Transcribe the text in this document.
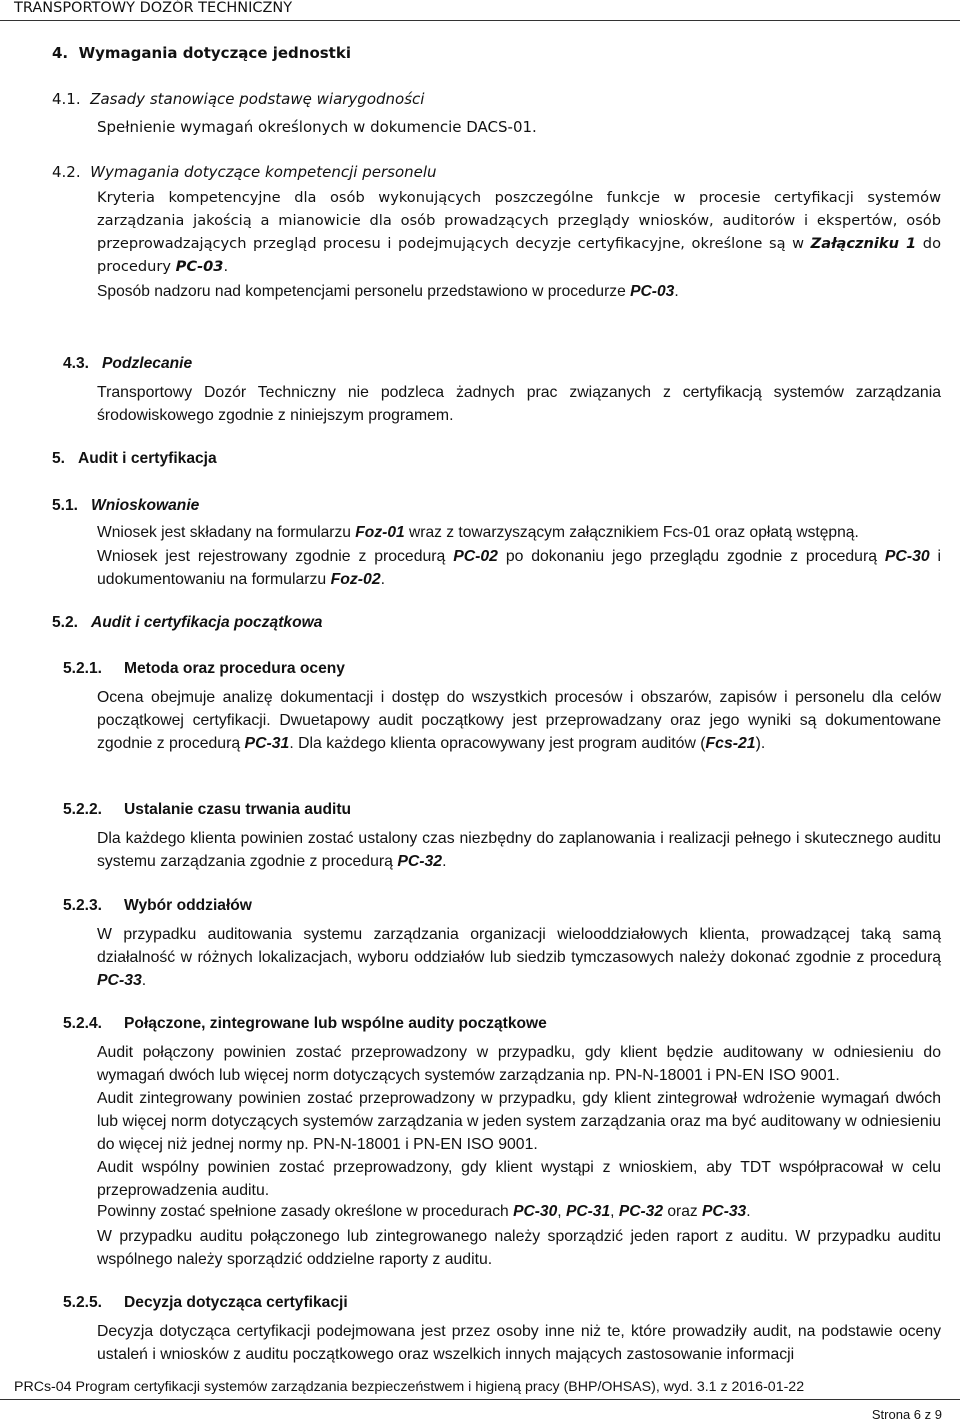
TRANSPORTOWY DOZÓR TECHNICZNY
4. Wymagania dotyczące jednostki
4.1. Zasady stanowiące podstawę wiarygodności
Spełnienie wymagań określonych w dokumencie DACS-01.
4.2. Wymagania dotyczące kompetencji personelu
Kryteria kompetencyjne dla osób wykonujących poszczególne funkcje w procesie certyfikacji systemów zarządzania jakością a mianowicie dla osób prowadzących przeglądy wniosków, auditorów i ekspertów, osób przeprowadzających przegląd procesu i podejmujących decyzje certyfikacyjne, określone są w Załączniku 1 do procedury PC-03.
Sposób nadzoru nad kompetencjami personelu przedstawiono w procedurze PC-03.
4.3. Podzlecanie
Transportowy Dozór Techniczny nie podzleca żadnych prac związanych z certyfikacją systemów zarządzania środowiskowego zgodnie z niniejszym programem.
5. Audit i certyfikacja
5.1. Wnioskowanie
Wniosek jest składany na formularzu Foz-01 wraz z towarzyszącym załącznikiem Fcs-01 oraz opłatą wstępną.
Wniosek jest rejestrowany zgodnie z procedurą PC-02 po dokonaniu jego przeglądu zgodnie z procedurą PC-30 i udokumentowaniu na formularzu Foz-02.
5.2. Audit i certyfikacja początkowa
5.2.1. Metoda oraz procedura oceny
Ocena obejmuje analizę dokumentacji i dostęp do wszystkich procesów i obszarów, zapisów i personelu dla celów początkowej certyfikacji. Dwuetapowy audit początkowy jest przeprowadzany oraz jego wyniki są dokumentowane zgodnie z procedurą PC-31. Dla każdego klienta opracowywany jest program auditów (Fcs-21).
5.2.2. Ustalanie czasu trwania auditu
Dla każdego klienta powinien zostać ustalony czas niezbędny do zaplanowania i realizacji pełnego i skutecznego auditu systemu zarządzania zgodnie z procedurą PC-32.
5.2.3. Wybór oddziałów
W przypadku auditowania systemu zarządzania organizacji wielooddziałowych klienta, prowadzącej taką samą działalność w różnych lokalizacjach, wyboru oddziałów lub siedzib tymczasowych należy dokonać zgodnie z procedurą PC-33.
5.2.4. Połączone, zintegrowane lub wspólne audity początkowe
Audit połączony powinien zostać przeprowadzony w przypadku, gdy klient będzie auditowany w odniesieniu do wymagań dwóch lub więcej norm dotyczących systemów zarządzania np. PN-N-18001 i PN-EN ISO 9001.
Audit zintegrowany powinien zostać przeprowadzony w przypadku, gdy klient zintegrował wdrożenie wymagań dwóch lub więcej norm dotyczących systemów zarządzania w jeden system zarządzania oraz ma być auditowany w odniesieniu do więcej niż jednej normy np. PN-N-18001 i PN-EN ISO 9001.
Audit wspólny powinien zostać przeprowadzony, gdy klient wystąpi z wnioskiem, aby TDT współpracował w celu przeprowadzenia auditu.
Powinny zostać spełnione zasady określone w procedurach PC-30, PC-31, PC-32 oraz PC-33.
W przypadku auditu połączonego lub zintegrowanego należy sporządzić jeden raport z auditu. W przypadku auditu wspólnego należy sporządzić oddzielne raporty z auditu.
5.2.5. Decyzja dotycząca certyfikacji
Decyzja dotycząca certyfikacji podejmowana jest przez osoby inne niż te, które prowadziły audit, na podstawie oceny ustaleń i wniosków z auditu początkowego oraz wszelkich innych mających zastosowanie informacji
PRCs-04 Program certyfikacji systemów zarządzania bezpieczeństwem i higieną pracy (BHP/OHSAS), wyd. 3.1 z 2016-01-22
Strona 6 z 9
